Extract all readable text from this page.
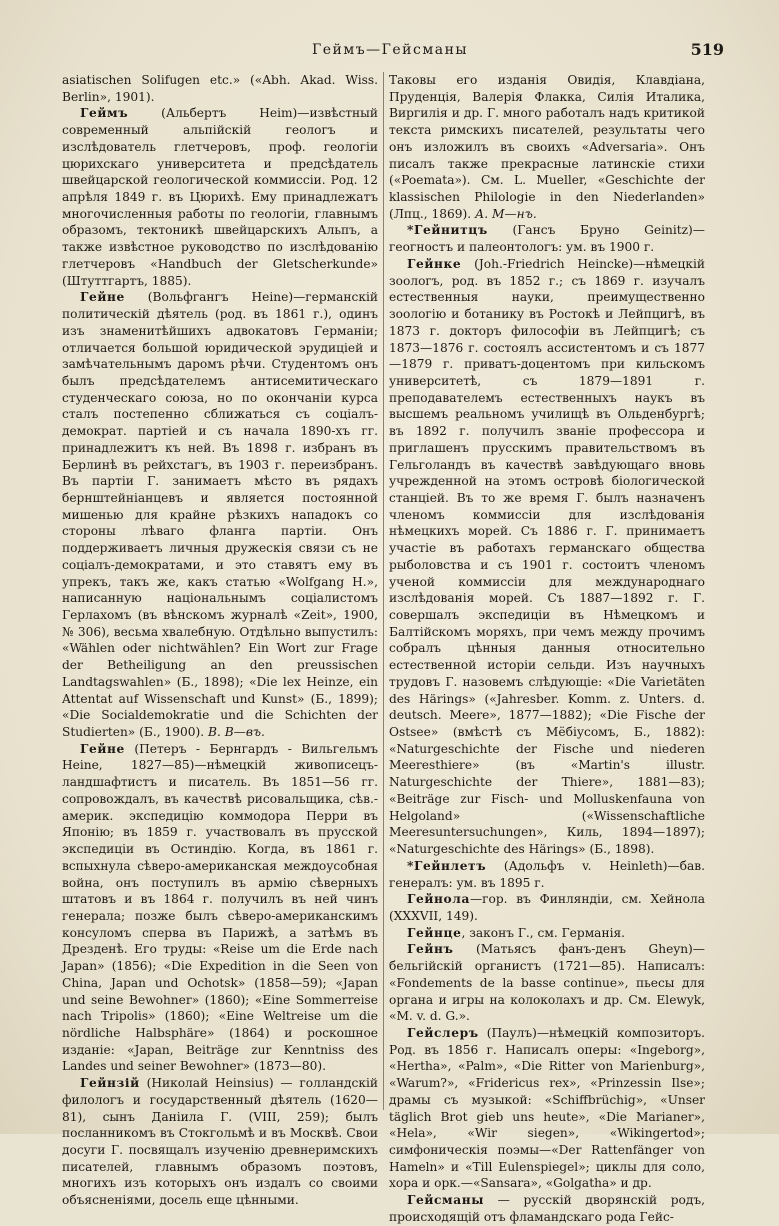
Геймъ—Гейсманы	519

asiatischen Solifugen etc.» («Abh. Akad. Wiss. Berlin», 1901).

Геймъ (Альбертъ Heim)—извѣстный современный альпійскій геологъ и изслѣдователь глетчеровъ, проф. геологіи цюрихскаго университета и предсѣдатель швейцарской геологической коммиссіи. Род. 12 апрѣля 1849 г. въ Цюрихѣ. Ему принадлежатъ многочисленныя работы по геологіи, главнымъ образомъ, тектоникѣ швейцарскихъ Альпъ, а также извѣстное руководство по изслѣдованію глетчеровъ «Handbuch der Gletscherkunde» (Штуттгартъ, 1885).

Гейне (Вольфгангъ Heine)—германскій политическій дѣятель (род. въ 1861 г.), одинъ изъ знаменитѣйшихъ адвокатовъ Германіи; отличается большой юридической эрудиціей и замѣчательнымъ даромъ рѣчи. Студентомъ онъ былъ предсѣдателемъ антисемитическаго студенческаго союза, но по окончаніи курса сталъ постепенно сближаться съ соціалъ-демократ. партіей и съ начала 1890-хъ гг. принадлежитъ къ ней. Въ 1898 г. избранъ въ Берлинѣ въ рейхстагъ, въ 1903 г. переизбранъ. Въ партіи Г. занимаетъ мѣсто въ рядахъ бернштейніанцевъ и является постоянной мишенью для крайне рѣзкихъ нападокъ со стороны лѣваго фланга партіи. Онъ поддерживаетъ личныя дружескія связи съ не соціалъ-демократами, и это ставятъ ему въ упрекъ, такъ же, какъ статью «Wolfgang H.», написанную національнымъ соціалистомъ Герлахомъ (въ вѣнскомъ журналѣ «Zeit», 1900, № 306), весьма хвалебную. Отдѣльно выпустилъ: «Wählen oder nichtwählen? Ein Wort zur Frage der Betheiligung an den preussischen Landtagswahlen» (Б., 1898); «Die lex Heinze, ein Attentat auf Wissenschaft und Kunst» (Б., 1899); «Die Socialdemokratie und die Schichten der Studierten» (Б., 1900). В. В—въ.

Гейне (Петеръ - Бернгардъ - Вильгельмъ Heine, 1827—85)—нѣмецкій живописецъ-ландшафтистъ и писатель. Въ 1851—56 гг. сопровождалъ, въ качествѣ рисовальщика, сѣв.-америк. экспедицію коммодора Перри въ Японію; въ 1859 г. участвовалъ въ прусской экспедиціи въ Остиндію. Когда, въ 1861 г. вспыхнула сѣверо-американская междоусобная война, онъ поступилъ въ армію сѣверныхъ штатовъ и въ 1864 г. получилъ въ ней чинъ генерала; позже былъ сѣверо-американскимъ консуломъ сперва въ Парижѣ, а затѣмъ въ Дрезденѣ. Его труды: «Reise um die Erde nach Japan» (1856); «Die Expedition in die Seen von China, Japan und Ochotsk» (1858—59); «Japan und seine Bewohner» (1860); «Eine Sommerreise nach Tripolis» (1860); «Eine Weltreise um die nördliche Halbsphäre» (1864) и роскошное изданіе: «Japan, Beiträge zur Kenntniss des Landes und seiner Bewohner» (1873—80).

Гейнзій (Николай Heinsius) — голландскій филологъ и государственный дѣятель (1620—81), сынъ Даніила Г. (VIII, 259); былъ посланникомъ въ Стокгольмѣ и въ Москвѣ. Свои досуги Г. посвящалъ изученію древнеримскихъ писателей, главнымъ образомъ поэтовъ, многихъ изъ которыхъ онъ издалъ со своими объясненіями, досель еще цѣнными.

Таковы его изданія Овидія, Клавдіана, Пруденція, Валерія Флакка, Силія Италика, Виргилія и др. Г. много работалъ надъ критикой текста римскихъ писателей, результаты чего онъ изложилъ въ своихъ «Adversaria». Онъ писалъ также прекрасные латинскіе стихи («Poemata»). См. L. Mueller, «Geschichte der klassischen Philologie in den Niederlanden» (Лпц., 1869). А. М—нъ.

*Гейнитцъ (Гансъ Бруно Geinitz)—геогностъ и палеонтологъ: ум. въ 1900 г.

Гейнке (Joh.-Friedrich Heincke)—нѣмецкій зоологъ, род. въ 1852 г.; съ 1869 г. изучалъ естественныя науки, преимущественно зоологію и ботанику въ Ростокѣ и Лейпцигѣ, въ 1873 г. докторъ философіи въ Лейпцигѣ; съ 1873—1876 г. состоялъ ассистентомъ и съ 1877—1879 г. приватъ-доцентомъ при кильскомъ университетѣ, съ 1879—1891 г. преподавателемъ естественныхъ наукъ въ высшемъ реальномъ училищѣ въ Ольденбургѣ; въ 1892 г. получилъ званіе профессора и приглашенъ прусскимъ правительствомъ въ Гельголандъ въ качествѣ завѣдующаго вновь учрежденной на этомъ островѣ біологической станціей. Въ то же время Г. былъ назначенъ членомъ коммиссіи для изслѣдованія нѣмецкихъ морей. Съ 1886 г. Г. принимаетъ участіе въ работахъ германскаго общества рыболовства и съ 1901 г. состоитъ членомъ ученой коммиссіи для международнаго изслѣдованія морей. Съ 1887—1892 г. Г. совершалъ экспедиціи въ Нѣмецкомъ и Балтійскомъ моряхъ, при чемъ между прочимъ собралъ цѣнныя данныя относительно естественной исторіи сельди. Изъ научныхъ трудовъ Г. назовемъ слѣдующіе: «Die Varietäten des Härings» («Jahresber. Komm. z. Unters. d. deutsch. Meere», 1877—1882); «Die Fische der Ostsee» (вмѣстѣ съ Мёбіусомъ, Б., 1882): «Naturgeschichte der Fische und niederen Meeresthiere» (въ «Martin's illustr. Naturgeschichte der Thiere», 1881—83); «Beiträge zur Fisch- und Molluskenfauna von Helgoland» («Wissenschaftliche Meeresuntersuchungen», Киль, 1894—1897); «Naturgeschichte des Härings» (Б., 1898).

*Гейнлетъ (Адольфъ v. Heinleth)—бав. генералъ: ум. въ 1895 г.

Гейнола—гор. въ Финляндіи, см. Хейнола (XXXVII, 149).

Гейнце, законъ Г., см. Германія.

Гейнъ (Матьясъ фанъ-денъ Gheyn)—бельгійскій органистъ (1721—85). Написалъ: «Fondements de la basse continue», пьесы для органа и игры на колоколахъ и др. См. Elewyk, «M. v. d. G.».

Гейслеръ (Паулъ)—нѣмецкій композиторъ. Род. въ 1856 г. Написалъ оперы: «Ingeborg», «Hertha», «Palm», «Die Ritter von Marienburg», «Warum?», «Fridericus rex», «Prinzessin Ilse»; драмы съ музыкой: «Schiffbrüchig», «Unser täglich Brot gieb uns heute», «Die Marianer», «Hela», «Wir siegen», «Wikingertod»; симфоническія поэмы—«Der Rattenfänger von Hameln» и «Till Eulenspiegel»; циклы для соло, хора и орк.—«Sansara», «Golgatha» и др.

Гейсманы — русскій дворянскій родъ, происходящій отъ фламандскаго рода Гейс-
